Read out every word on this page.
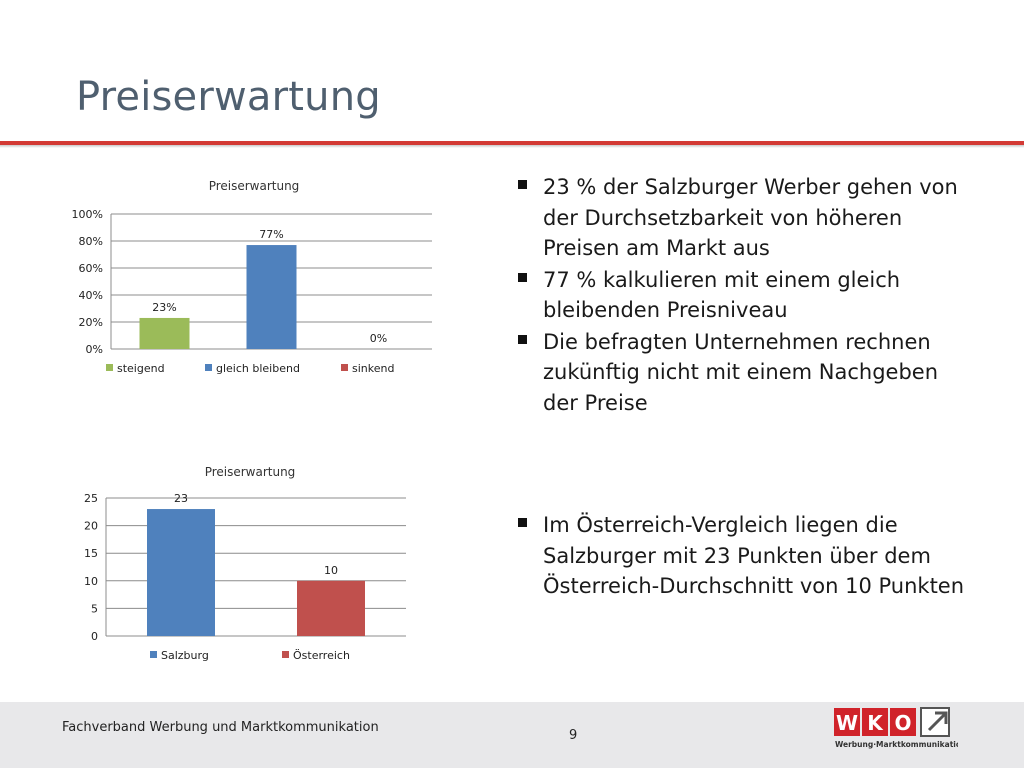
Preiserwartung
Preiserwartung
0%
20%
40%
60%
80%
100%
23%
77%
0%
steigend	gleich bleibend	sinkend
Preiserwartung
0
5
10
15
20
25	23
10
Salzburg	Österreich
23 % der Salzburger Werber gehen von der Durchsetzbarkeit von höheren Preisen am Markt aus
77 % kalkulieren mit einem gleich bleibenden Preisniveau
Die befragten Unternehmen rechnen zukünftig nicht mit einem Nachgeben der Preise
Im Österreich-Vergleich liegen die Salzburger mit 23 Punkten über dem Österreich-Durchschnitt von 10 Punkten
Fachverband Werbung und Marktkommunikation
9
W K O
Werbung·Marktkommunikation
